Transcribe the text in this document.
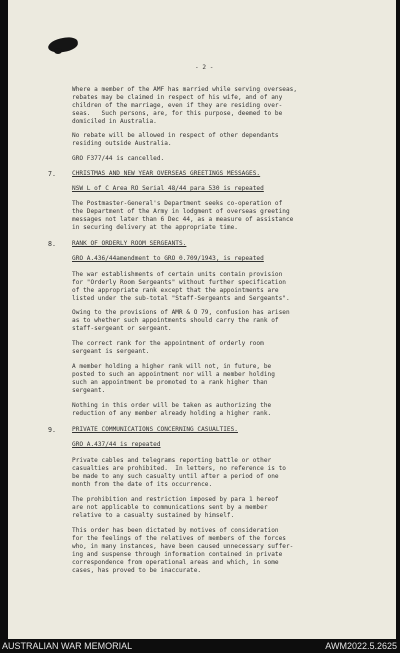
- 2 -
Where a member of the AMF has married while serving overseas,
rebates may be claimed in respect of his wife, and of any
children of the marriage, even if they are residing over-
seas.   Such persons, are, for this purpose, deemed to be
domiciled in Australia.
No rebate will be allowed in respect of other dependants
residing outside Australia.
GRO F377/44 is cancelled.
7.	CHRISTMAS AND NEW YEAR OVERSEAS GREETINGS MESSAGES.
NSW L of C Area RO Serial 48/44 para 530 is repeated
The Postmaster-General's Department seeks co-operation of
the Department of the Army in lodgment of overseas greeting
messages not later than 6 Dec 44, as a measure of assistance
in securing delivery at the appropriate time.
8.	RANK OF ORDERLY ROOM SERGEANTS.
GRO A.436/44amendment to GRO 0.709/1943, is repeated
The war establishments of certain units contain provision
for "Orderly Room Sergeants" without further specification
of the appropriate rank except that the appointments are
listed under the sub-total "Staff-Sergeants and Sergeants".
Owing to the provisions of AMR & O 79, confusion has arisen
as to whether such appointments should carry the rank of
staff-sergeant or sergeant.
The correct rank for the appointment of orderly room
sergeant is sergeant.
A member holding a higher rank will not, in future, be
posted to such an appointment nor will a member holding
such an appointment be promoted to a rank higher than
sergeant.
Nothing in this order will be taken as authorizing the
reduction of any member already holding a higher rank.
9.	PRIVATE COMMUNICATIONS CONCERNING CASUALTIES.
GRO A.437/44 is repeated
Private cables and telegrams reporting battle or other
casualties are prohibited.  In letters, no reference is to
be made to any such casualty until after a period of one
month from the date of its occurrence.
The prohibition and restriction imposed by para 1 hereof
are not applicable to communications sent by a member
relative to a casualty sustained by himself.
This order has been dictated by motives of consideration
for the feelings of the relatives of members of the forces
who, in many instances, have been caused unnecessary suffer-
ing and suspense through information contained in private
correspondence from operational areas and which, in some
cases, has proved to be inaccurate.
AUSTRALIAN WAR MEMORIAL	AWM2022.5.2625
